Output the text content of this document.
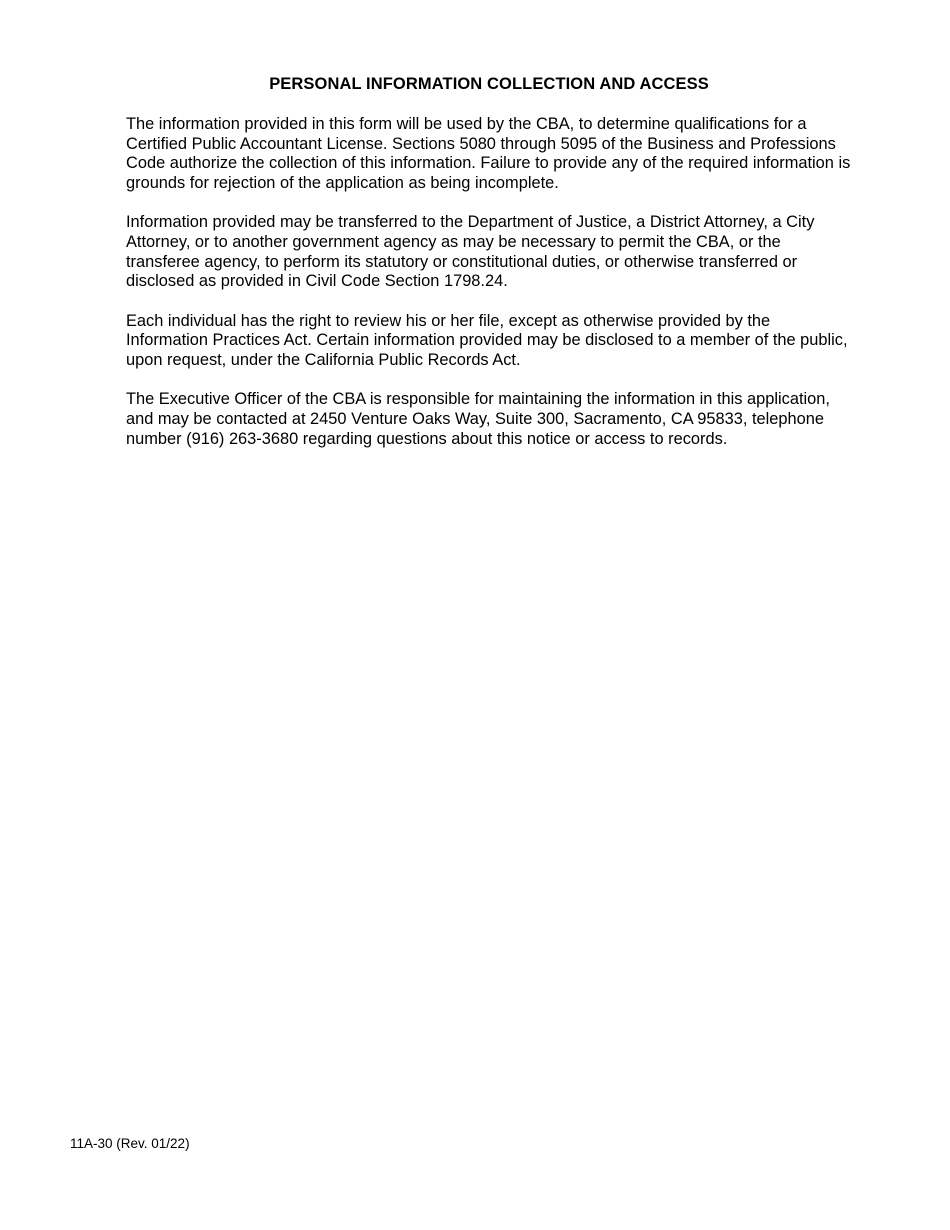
PERSONAL INFORMATION COLLECTION AND ACCESS

The information provided in this form will be used by the CBA, to determine qualifications for a Certified Public Accountant License. Sections 5080 through 5095 of the Business and Professions Code authorize the collection of this information. Failure to provide any of the required information is grounds for rejection of the application as being incomplete.

Information provided may be transferred to the Department of Justice, a District Attorney, a City Attorney, or to another government agency as may be necessary to permit the CBA, or the transferee agency, to perform its statutory or constitutional duties, or otherwise transferred or disclosed as provided in Civil Code Section 1798.24.

Each individual has the right to review his or her file, except as otherwise provided by the Information Practices Act. Certain information provided may be disclosed to a member of the public, upon request, under the California Public Records Act.

The Executive Officer of the CBA is responsible for maintaining the information in this application, and may be contacted at 2450 Venture Oaks Way, Suite 300, Sacramento, CA 95833, telephone number (916) 263-3680 regarding questions about this notice or access to records.

11A-30 (Rev. 01/22)
